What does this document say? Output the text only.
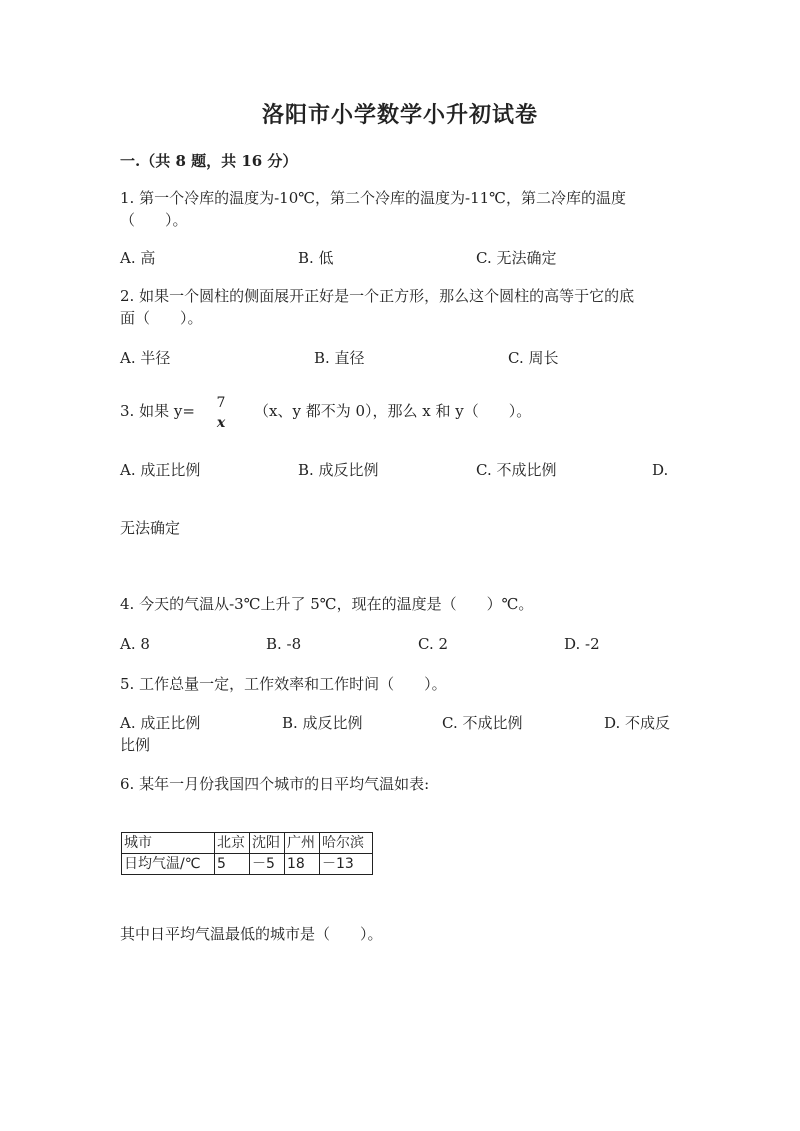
洛阳市小学数学小升初试卷
一.（共 8 题，共 16 分）
1. 第一个冷库的温度为-10℃，第二个冷库的温度为-11℃，第二冷库的温度
（　　）。
A. 高	B. 低	C. 无法确定
2. 如果一个圆柱的侧面展开正好是一个正方形，那么这个圆柱的高等于它的底
面（　　）。
A. 半径	B. 直径	C. 周长
3. 如果 y=	7
x
（x、y 都不为 0），那么 x 和 y（　　）。
A. 成正比例	B. 成反比例	C. 不成比例	D.
无法确定
4. 今天的气温从-3℃上升了 5℃，现在的温度是（　　）℃。
A. 8	B. -8	C. 2	D. -2
5. 工作总量一定，工作效率和工作时间（　　）。
A. 成正比例	B. 成反比例	C. 不成比例	D. 不成反
比例
6. 某年一月份我国四个城市的日平均气温如表:
城市	北京	沈阳	广州	哈尔滨
日均气温/℃	5	－5	18	－13
其中日平均气温最低的城市是（　　）。
